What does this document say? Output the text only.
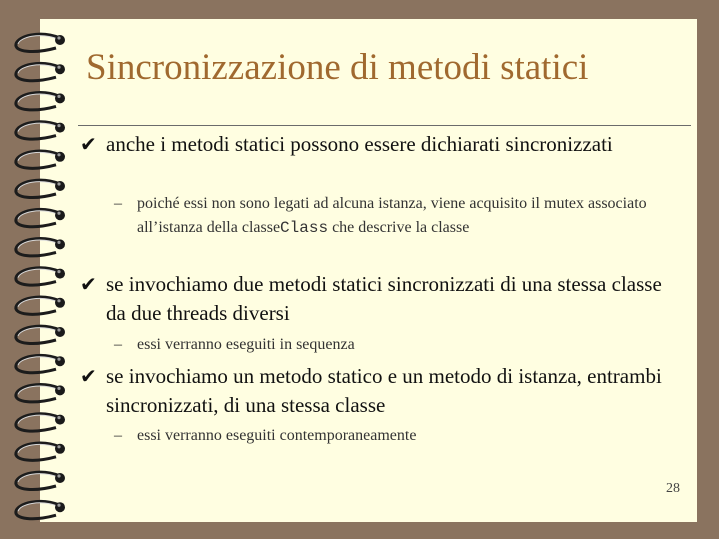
Sincronizzazione di metodi statici
✔ anche i metodi statici possono essere dichiarati sincronizzati
– poiché essi non sono legati ad alcuna istanza, viene acquisito il mutex associato all’istanza della classeClass che descrive la classe
✔ se invochiamo due metodi statici sincronizzati di una stessa classe da due threads diversi
– essi verranno eseguiti in sequenza
✔ se invochiamo un metodo statico e un metodo di istanza, entrambi sincronizzati, di una stessa classe
– essi verranno eseguiti contemporaneamente
28
